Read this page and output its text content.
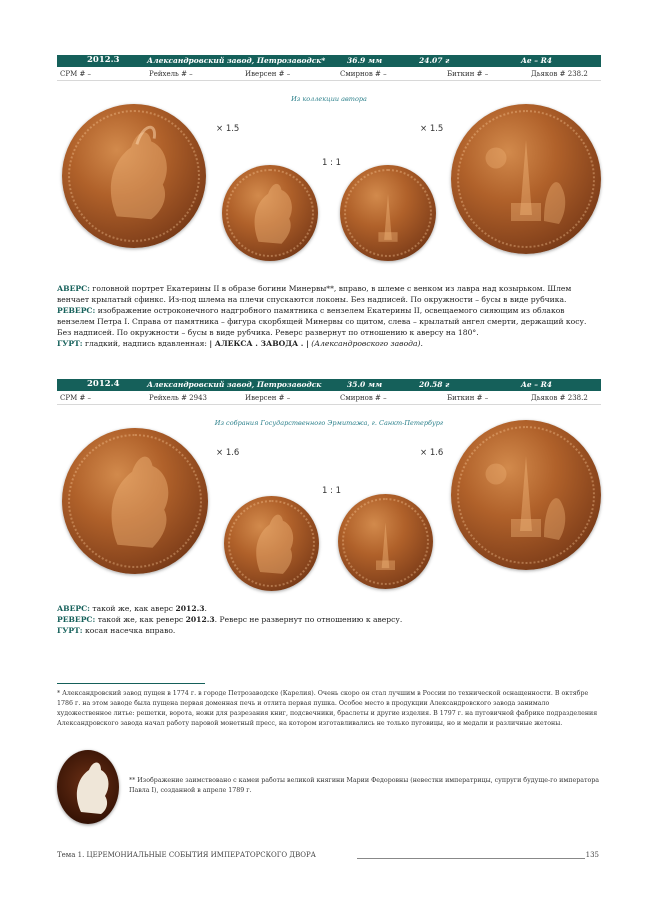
2012.3	Александровский завод, Петрозаводск*	36.9 мм	24.07 г	Ae – R4
СРМ # –	Рейхель # –	Иверсен # –	Смирнов # –	Биткин # –	Дьяков # 238.2
Из коллекции автора
× 1.5
1 : 1
× 1.5
АВЕРС: головной портрет Екатерины II в образе богини Минервы**, вправо, в шлеме с венком из лавра над козырьком. Шлем венчает крылатый сфинкс. Из-под шлема на плечи спускаются локоны. Без надписей. По окружности – бусы в виде рубчика.
РЕВЕРС: изображение остроконечного надгробного памятника с вензелем Екатерины II, освещаемого сияющим из облаков вензелем Петра I. Справа от памятника – фигура скорбящей Минервы со щитом, слева – крылатый ангел смерти, держащий косу. Без надписей. По окружности – бусы в виде рубчика. Реверс развернут по отношению к аверсу на 180°.
ГУРТ: гладкий, надпись вдавленная: | АЛЕКСА . ЗАВОДА . | (Александровского завода).
2012.4	Александровский завод, Петрозаводск	35.0 мм	20.58 г	Ae – R4
СРМ # –	Рейхель # 2943	Иверсен # –	Смирнов # –	Биткин # –	Дьяков # 238.2
Из собрания Государственного Эрмитажа, г. Санкт-Петербург
× 1.6
1 : 1
× 1.6
АВЕРС: такой же, как аверс 2012.3.
РЕВЕРС: такой же, как реверс 2012.3. Реверс не развернут по отношению к аверсу.
ГУРТ: косая насечка вправо.
* Александровский завод пущен в 1774 г. в городе Петрозаводске (Карелия). Очень скоро он стал лучшим в России по технической оснащенности. В октябре 1786 г. на этом заводе была пущена первая доменная печь и отлита первая пушка. Особое место в продукции Александровского завода занимало художественное литье: решетки, ворота, ножи для разрезания книг, подсвечники, браслеты и другие изделия. В 1797 г. на пуговичной фабрике подразделения Александровского завода начал работу паровой монетный пресс, на котором изготавливались не только пуговицы, но и медали и различные жетоны.
** Изображение заимствовано с камеи работы великой княгини Марии Федоровны (невестки императрицы, супруги будуще-го императора Павла I), созданной в апреле 1789 г.
Тема 1. ЦЕРЕМОНИАЛЬНЫЕ СОБЫТИЯ ИМПЕРАТОРСКОГО ДВОРА	135
